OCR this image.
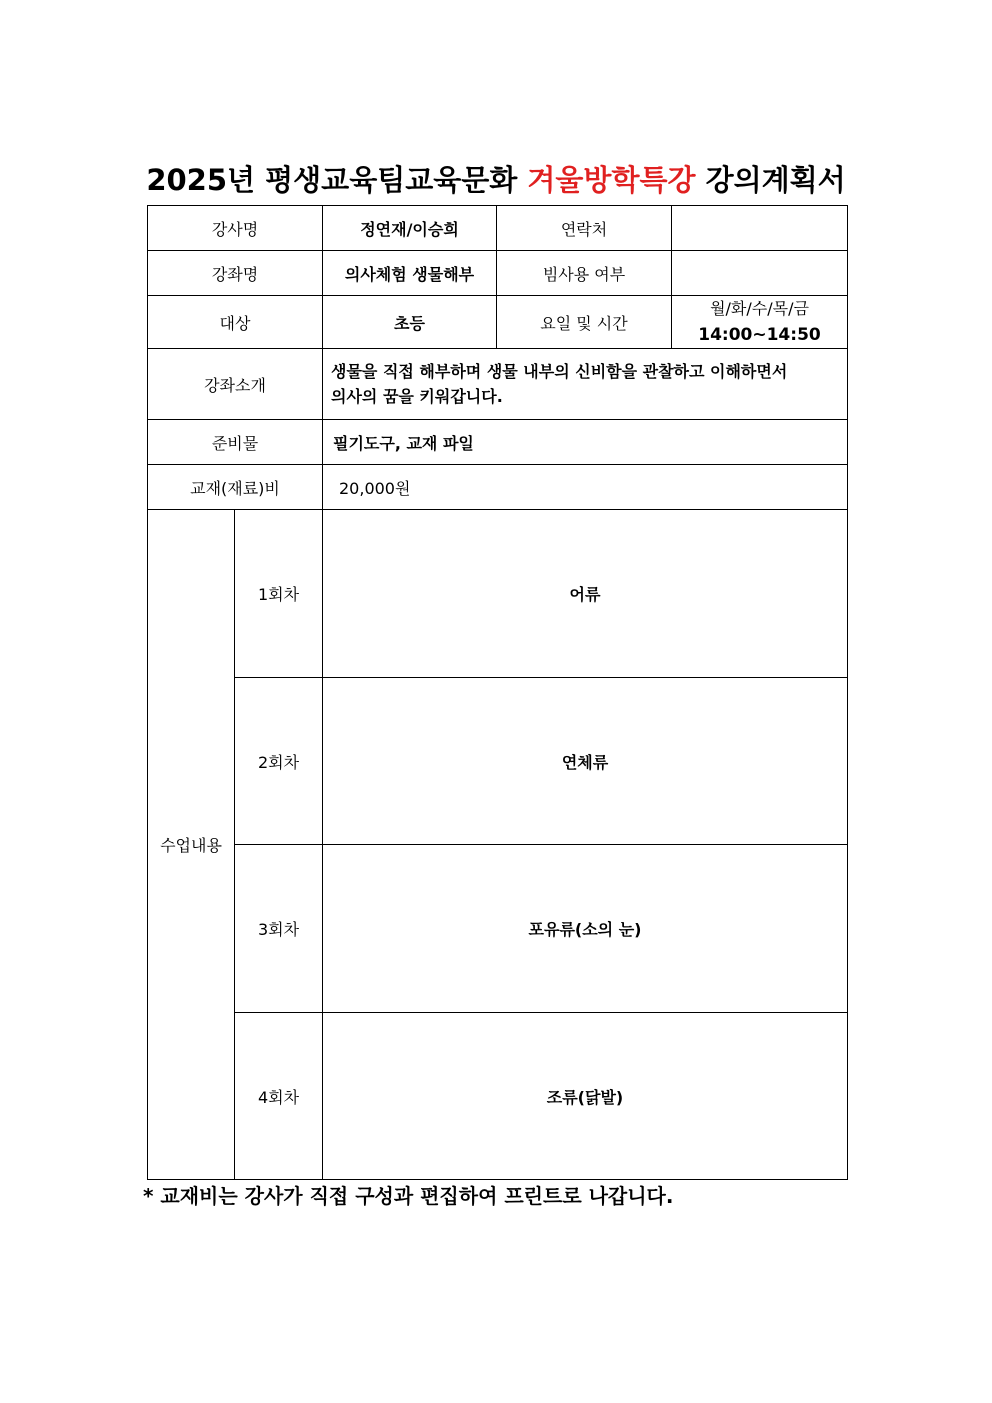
2025년 평생교육팀교육문화 겨울방학특강 강의계획서
강사명		정연재/이승희	연락처	
강좌명		의사체험 생물해부	빔사용 여부	
대상		초등	요일 및 시간	월/화/수/목/금
14:00~14:50

강좌소개		생물을 직접 해부하며 생물 내부의 신비함을 관찰하고 이해하면서
의사의 꿈을 키워갑니다.		

준비물		필기도구, 교재 파일		
교재(재료)비		20,000원		
수업내용	1회차	어류		
	2회차	연체류		
	3회차	포유류(소의 눈)		
	4회차	조류(닭발)		
* 교재비는 강사가 직접 구성과 편집하여 프린트로 나갑니다.
